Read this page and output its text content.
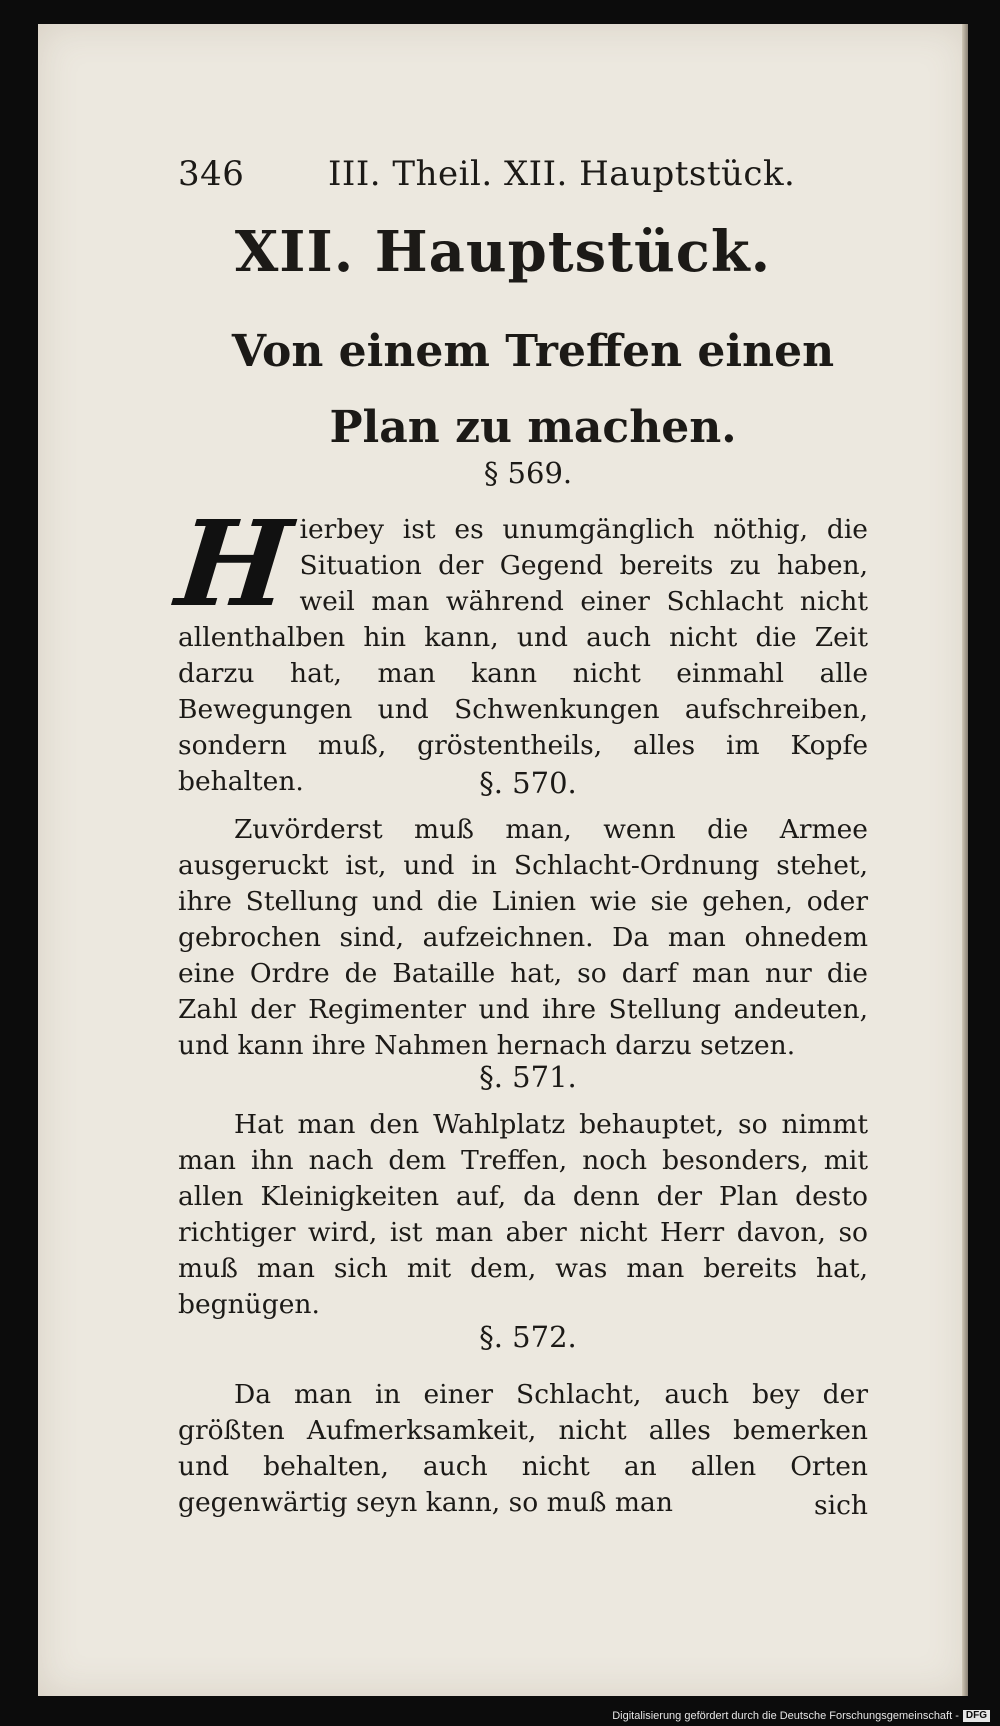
346 III. Theil. XII. Hauptstück.
XII. Hauptstück.
Von einem Treffen einen Plan zu machen.
§ 569.
Hierbey ist es unumgänglich nöthig, die Situation der Gegend bereits zu haben, weil man während einer Schlacht nicht allenthalben hin kann, und auch nicht die Zeit darzu hat, man kann nicht einmahl alle Bewegungen und Schwenkungen aufschreiben, sondern muß, gröstentheils, alles im Kopfe behalten.	§. 570.
Zuvörderst muß man, wenn die Armee ausgeruckt ist, und in Schlacht-Ordnung stehet, ihre Stellung und die Linien wie sie gehen, oder gebrochen sind, aufzeichnen. Da man ohnedem eine Ordre de Bataille hat, so darf man nur die Zahl der Regimenter und ihre Stellung andeuten, und kann ihre Nahmen hernach darzu setzen.
§. 571.
Hat man den Wahlplatz behauptet, so nimmt man ihn nach dem Treffen, noch besonders, mit allen Kleinigkeiten auf, da denn der Plan desto richtiger wird, ist man aber nicht Herr davon, so muß man sich mit dem, was man bereits hat, begnügen.
§. 572.
Da man in einer Schlacht, auch bey der größten Aufmerksamkeit, nicht alles bemerken und behalten, auch nicht an allen Orten gegenwärtig seyn kann, so muß man	sich
Digitalisierung gefördert durch die Deutsche Forschungsgemeinschaft - DFG
